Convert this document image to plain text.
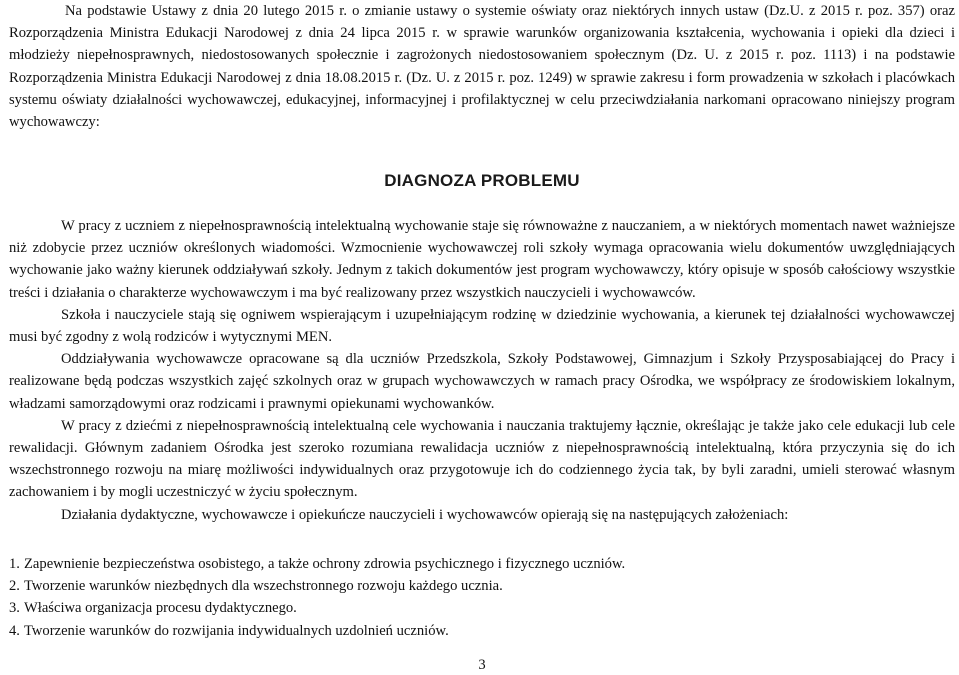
Na podstawie Ustawy z dnia 20 lutego 2015 r. o zmianie ustawy o systemie oświaty oraz niektórych innych ustaw (Dz.U. z 2015 r. poz. 357) oraz Rozporządzenia Ministra Edukacji Narodowej z dnia 24 lipca 2015 r. w sprawie warunków organizowania kształcenia, wychowania i opieki dla dzieci i młodzieży niepełnosprawnych, niedostosowanych społecznie i zagrożonych niedostosowaniem społecznym (Dz. U. z 2015 r. poz. 1113) i na podstawie Rozporządzenia Ministra Edukacji Narodowej z dnia 18.08.2015 r. (Dz. U. z 2015 r. poz. 1249) w sprawie zakresu i form prowadzenia w szkołach i placówkach systemu oświaty działalności wychowawczej, edukacyjnej, informacyjnej i profilaktycznej w celu przeciwdziałania narkomani opracowano niniejszy program wychowawczy:

DIAGNOZA PROBLEMU

W pracy z uczniem z niepełnosprawnością intelektualną wychowanie staje się równoważne z nauczaniem, a w niektórych momentach nawet ważniejsze niż zdobycie przez uczniów określonych wiadomości. Wzmocnienie wychowawczej roli szkoły wymaga opracowania wielu dokumentów uwzględniających wychowanie jako ważny kierunek oddziaływań szkoły. Jednym z takich dokumentów jest program wychowawczy, który opisuje w sposób całościowy wszystkie treści i działania o charakterze wychowawczym i ma być realizowany przez wszystkich nauczycieli i wychowawców.

Szkoła i nauczyciele stają się ogniwem wspierającym i uzupełniającym rodzinę w dziedzinie wychowania, a kierunek tej działalności wychowawczej musi być zgodny z wolą rodziców i wytycznymi MEN.

Oddziaływania wychowawcze opracowane są dla uczniów Przedszkola, Szkoły Podstawowej, Gimnazjum i Szkoły Przysposabiającej do Pracy i realizowane będą podczas wszystkich zajęć szkolnych oraz w grupach wychowawczych w ramach pracy Ośrodka, we współpracy ze środowiskiem lokalnym, władzami samorządowymi oraz rodzicami i prawnymi opiekunami wychowanków.

W pracy z dziećmi z niepełnosprawnością intelektualną cele wychowania i nauczania traktujemy łącznie, określając je także jako cele edukacji lub cele rewalidacji. Głównym zadaniem Ośrodka jest szeroko rozumiana rewalidacja uczniów z niepełnosprawnością intelektualną, która przyczynia się do ich wszechstronnego rozwoju na miarę możliwości indywidualnych oraz przygotowuje ich do codziennego życia tak, by byli zaradni, umieli sterować własnym zachowaniem i by mogli uczestniczyć w życiu społecznym.

Działania dydaktyczne, wychowawcze i opiekuńcze nauczycieli i wychowawców opierają się na następujących założeniach:

1. Zapewnienie bezpieczeństwa osobistego, a także ochrony zdrowia psychicznego i fizycznego uczniów.
2. Tworzenie warunków niezbędnych dla wszechstronnego rozwoju każdego ucznia.
3. Właściwa organizacja procesu dydaktycznego.
4. Tworzenie warunków do rozwijania indywidualnych uzdolnień uczniów.

3
